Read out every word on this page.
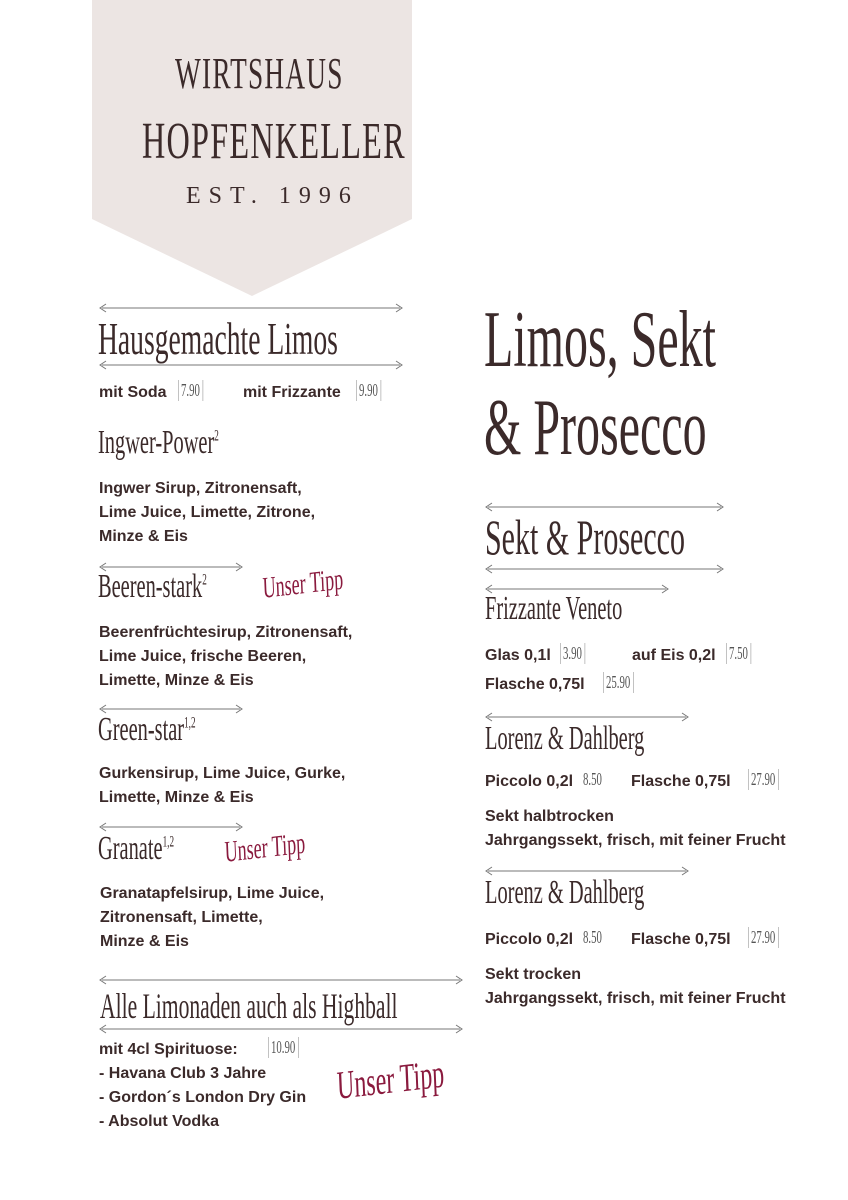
WIRTSHAUS
HOPFENKELLER
EST. 1996
Hausgemachte Limos
mit Soda 7.90	mit Frizzante 9.90
Ingwer-Power$^2$
Ingwer Sirup, Zitronensaft,
Lime Juice, Limette, Zitrone,
Minze & Eis
Beeren-stark$^2$ Unser Tipp
Beerenfrüchtesirup, Zitronensaft,
Lime Juice, frische Beeren,
Limette, Minze & Eis
Green-star$^{1,2}$
Gurkensirup, Lime Juice, Gurke,
Limette, Minze & Eis
Granate$^{1,2}$ Unser Tipp
Granatapfelsirup, Lime Juice,
Zitronensaft, Limette,
Minze & Eis
Alle Limonaden auch als Highball
mit 4cl Spirituose: 10.90
- Havana Club 3 Jahre
- Gordon´s London Dry Gin
- Absolut Vodka
Unser Tipp
Limos, Sekt
& Prosecco
Sekt & Prosecco
Frizzante Veneto
Glas 0,1l 3.90	auf Eis 0,2l 7.50
Flasche 0,75l 25.90
Lorenz & Dahlberg
Piccolo 0,2l 8.50 Flasche 0,75l 27.90
Sekt halbtrocken
Jahrgangssekt, frisch, mit feiner Frucht
Lorenz & Dahlberg
Piccolo 0,2l 8.50 Flasche 0,75l 27.90
Sekt trocken
Jahrgangssekt, frisch, mit feiner Frucht
